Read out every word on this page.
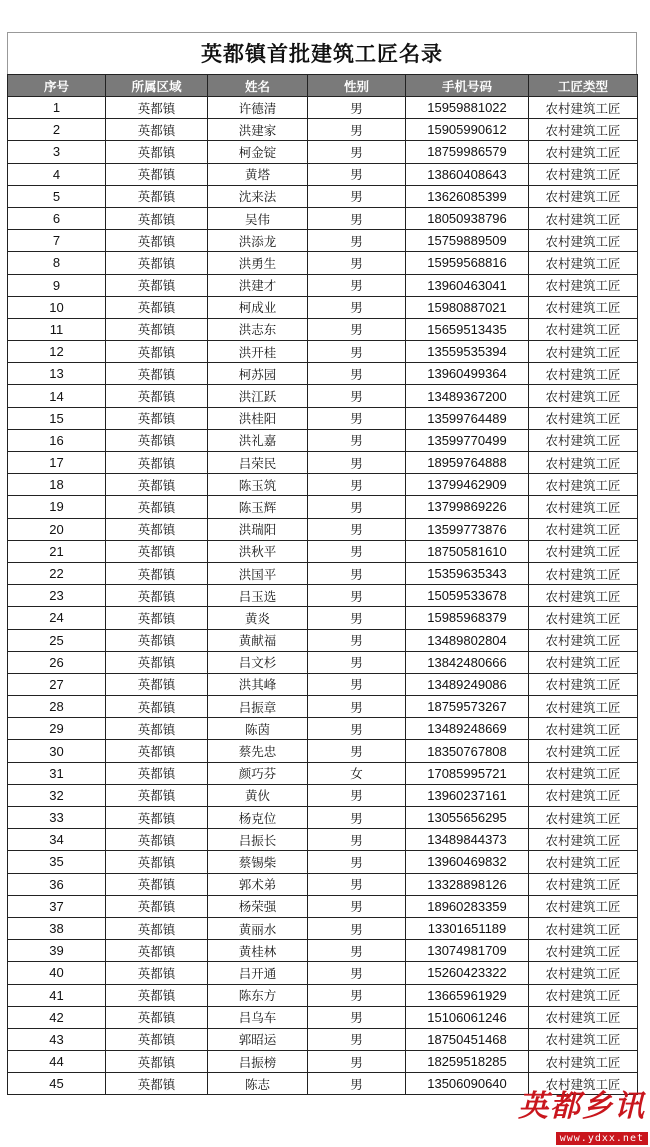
英都镇首批建筑工匠名录
序号	所属区域	姓名	性别	手机号码	工匠类型
1	英都镇	许德清	男	15959881022	农村建筑工匠
2	英都镇	洪建家	男	15905990612	农村建筑工匠
3	英都镇	柯金锭	男	18759986579	农村建筑工匠
4	英都镇	黄塔	男	13860408643	农村建筑工匠
5	英都镇	沈来法	男	13626085399	农村建筑工匠
6	英都镇	吴伟	男	18050938796	农村建筑工匠
7	英都镇	洪添龙	男	15759889509	农村建筑工匠
8	英都镇	洪勇生	男	15959568816	农村建筑工匠
9	英都镇	洪建才	男	13960463041	农村建筑工匠
10	英都镇	柯成业	男	15980887021	农村建筑工匠
11	英都镇	洪志东	男	15659513435	农村建筑工匠
12	英都镇	洪开桂	男	13559535394	农村建筑工匠
13	英都镇	柯苏园	男	13960499364	农村建筑工匠
14	英都镇	洪江跃	男	13489367200	农村建筑工匠
15	英都镇	洪桂阳	男	13599764489	农村建筑工匠
16	英都镇	洪礼嘉	男	13599770499	农村建筑工匠
17	英都镇	吕荣民	男	18959764888	农村建筑工匠
18	英都镇	陈玉筑	男	13799462909	农村建筑工匠
19	英都镇	陈玉辉	男	13799869226	农村建筑工匠
20	英都镇	洪瑞阳	男	13599773876	农村建筑工匠
21	英都镇	洪秋平	男	18750581610	农村建筑工匠
22	英都镇	洪国平	男	15359635343	农村建筑工匠
23	英都镇	吕玉选	男	15059533678	农村建筑工匠
24	英都镇	黄炎	男	15985968379	农村建筑工匠
25	英都镇	黄献福	男	13489802804	农村建筑工匠
26	英都镇	吕文杉	男	13842480666	农村建筑工匠
27	英都镇	洪其峰	男	13489249086	农村建筑工匠
28	英都镇	吕振章	男	18759573267	农村建筑工匠
29	英都镇	陈茵	男	13489248669	农村建筑工匠
30	英都镇	蔡先忠	男	18350767808	农村建筑工匠
31	英都镇	颜巧芬	女	17085995721	农村建筑工匠
32	英都镇	黄伙	男	13960237161	农村建筑工匠
33	英都镇	杨克位	男	13055656295	农村建筑工匠
34	英都镇	吕振长	男	13489844373	农村建筑工匠
35	英都镇	蔡锡柴	男	13960469832	农村建筑工匠
36	英都镇	郭术弟	男	13328898126	农村建筑工匠
37	英都镇	杨荣强	男	18960283359	农村建筑工匠
38	英都镇	黄丽水	男	13301651189	农村建筑工匠
39	英都镇	黄桂林	男	13074981709	农村建筑工匠
40	英都镇	吕开通	男	15260423322	农村建筑工匠
41	英都镇	陈东方	男	13665961929	农村建筑工匠
42	英都镇	吕乌车	男	15106061246	农村建筑工匠
43	英都镇	郭昭运	男	18750451468	农村建筑工匠
44	英都镇	吕振榜	男	18259518285	农村建筑工匠
45	英都镇	陈志	男	13506090640	农村建筑工匠
英都乡讯
www.ydxx.net
